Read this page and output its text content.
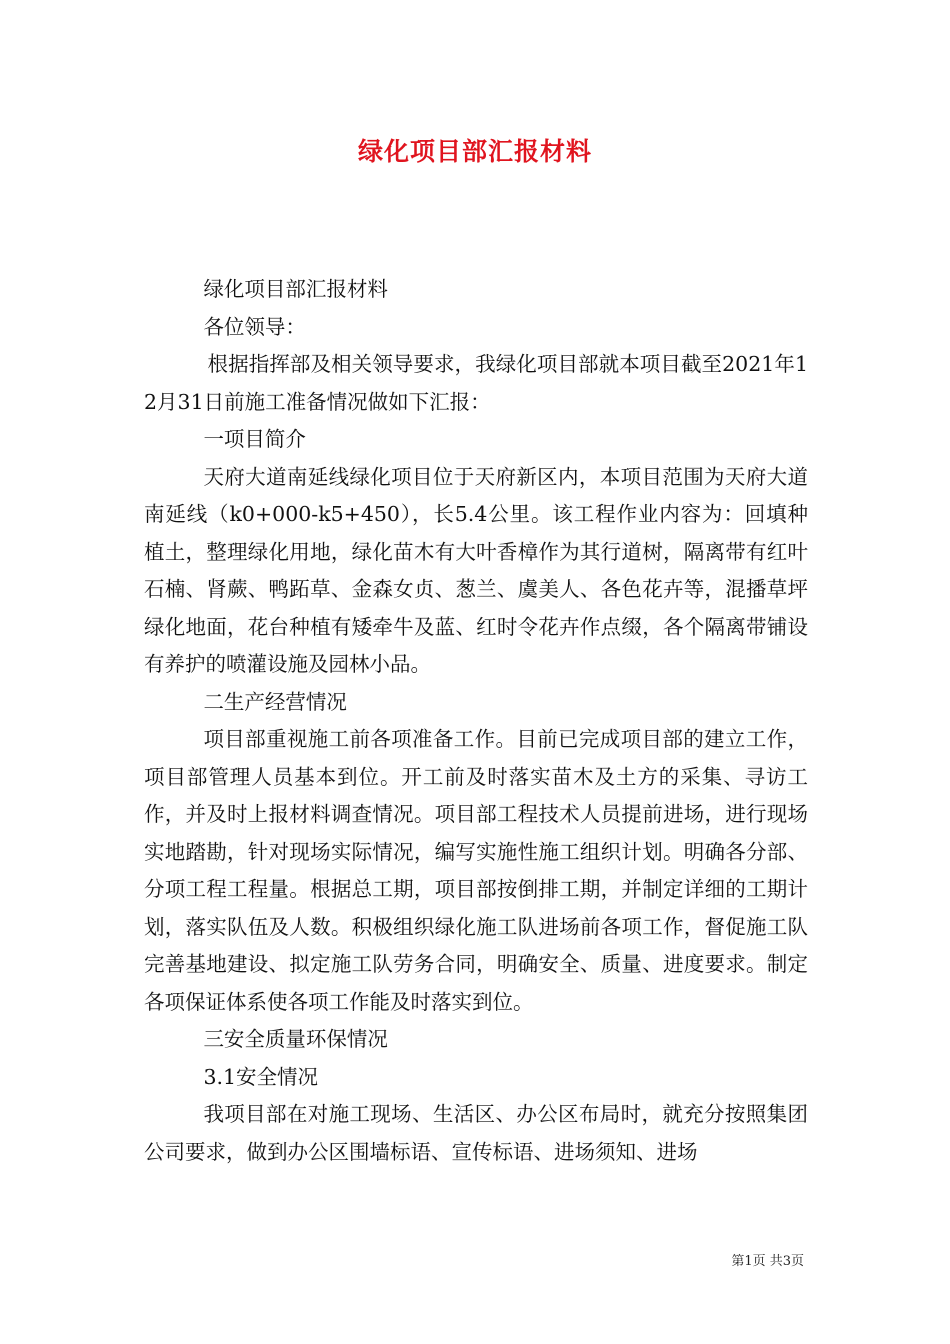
绿化项目部汇报材料

绿化项目部汇报材料

各位领导：

根据指挥部及相关领导要求，我绿化项目部就本项目截至2021年12月31日前施工准备情况做如下汇报：

一项目简介

天府大道南延线绿化项目位于天府新区内，本项目范围为天府大道南延线（k0+000-k5+450），长5.4公里。该工程作业内容为：回填种植土，整理绿化用地，绿化苗木有大叶香樟作为其行道树，隔离带有红叶石楠、肾蕨、鸭跖草、金森女贞、葱兰、虞美人、各色花卉等，混播草坪绿化地面，花台种植有矮牵牛及蓝、红时令花卉作点缀，各个隔离带铺设有养护的喷灌设施及园林小品。

二生产经营情况

项目部重视施工前各项准备工作。目前已完成项目部的建立工作，项目部管理人员基本到位。开工前及时落实苗木及土方的采集、寻访工作，并及时上报材料调查情况。项目部工程技术人员提前进场，进行现场实地踏勘，针对现场实际情况，编写实施性施工组织计划。明确各分部、分项工程工程量。根据总工期，项目部按倒排工期，并制定详细的工期计划，落实队伍及人数。积极组织绿化施工队进场前各项工作，督促施工队完善基地建设、拟定施工队劳务合同，明确安全、质量、进度要求。制定各项保证体系使各项工作能及时落实到位。

三安全质量环保情况

3.1安全情况

我项目部在对施工现场、生活区、办公区布局时，就充分按照集团公司要求，做到办公区围墙标语、宣传标语、进场须知、进场

第1页 共3页
